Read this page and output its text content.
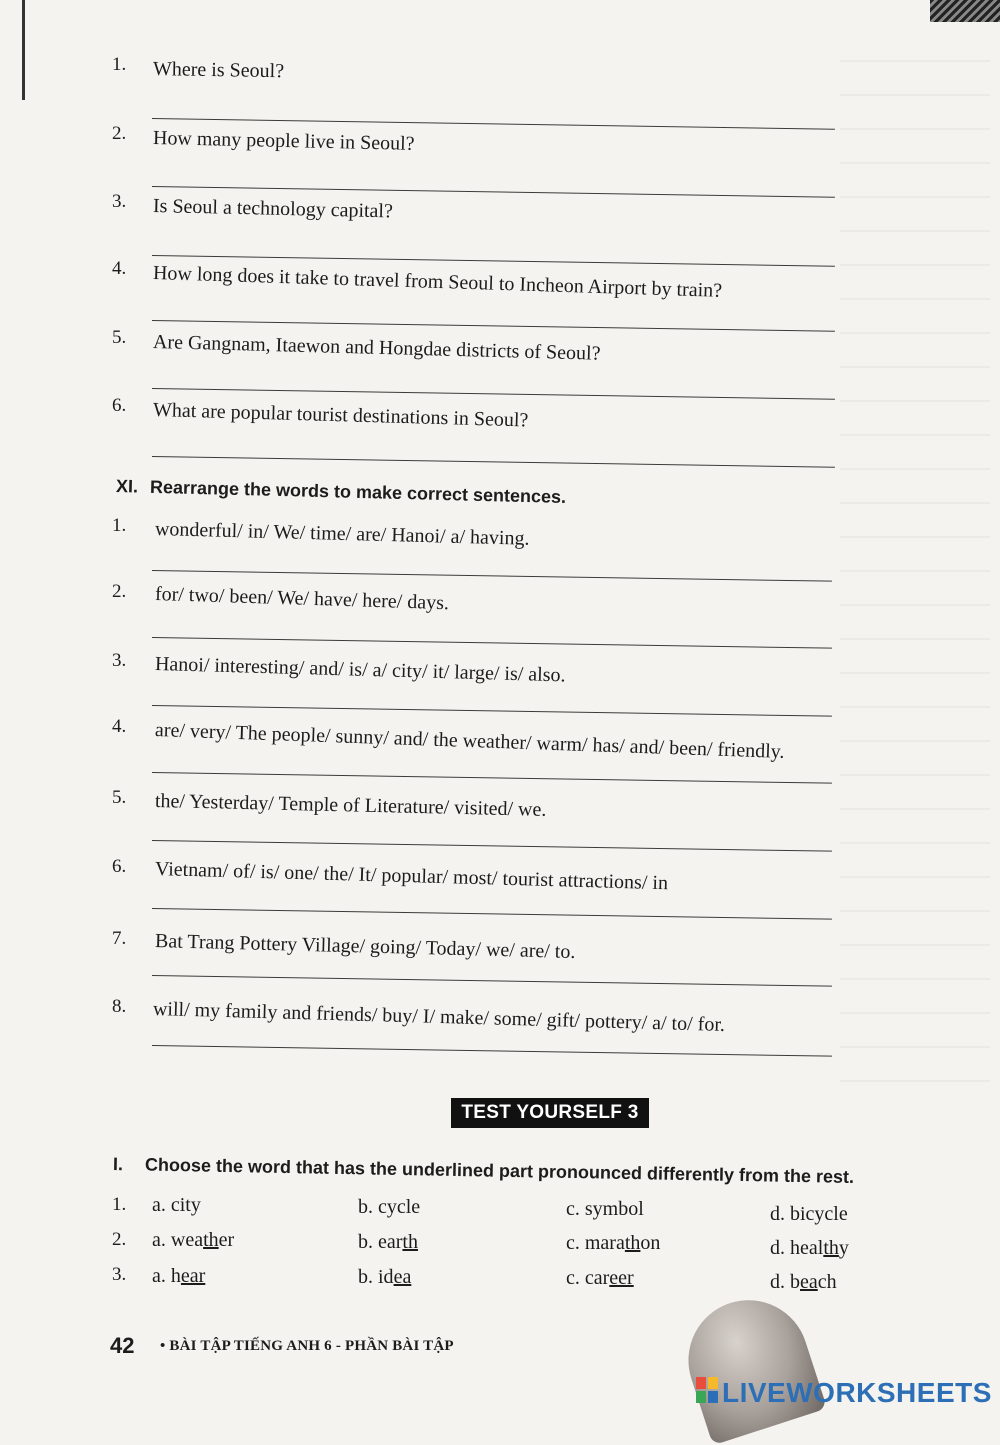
1. Where is Seoul?
2. How many people live in Seoul?
3. Is Seoul a technology capital?
4. How long does it take to travel from Seoul to Incheon Airport by train?
5. Are Gangnam, Itaewon and Hongdae districts of Seoul?
6. What are popular tourist destinations in Seoul?
XI. Rearrange the words to make correct sentences.
1. wonderful/ in/ We/ time/ are/ Hanoi/ a/ having.
2. for/ two/ been/ We/ have/ here/ days.
3. Hanoi/ interesting/ and/ is/ a/ city/ it/ large/ is/ also.
4. are/ very/ The people/ sunny/ and/ the weather/ warm/ has/ and/ been/ friendly.
5. the/ Yesterday/ Temple of Literature/ visited/ we.
6. Vietnam/ of/ is/ one/ the/ It/ popular/ most/ tourist attractions/ in
7. Bat Trang Pottery Village/ going/ Today/ we/ are/ to.
8. will/ my family and friends/ buy/ I/ make/ some/ gift/ pottery/ a/ to/ for.
TEST YOURSELF 3
I. Choose the word that has the underlined part pronounced differently from the rest.
1. a. city	b. cycle	c. symbol	d. bicycle
2. a. weather	b. earth	c. marathon	d. healthy
3. a. hear	b. idea	c. career	d. beach
42 • BÀI TẬP TIẾNG ANH 6 - PHẦN BÀI TẬP
LIVEWORKSHEETS
